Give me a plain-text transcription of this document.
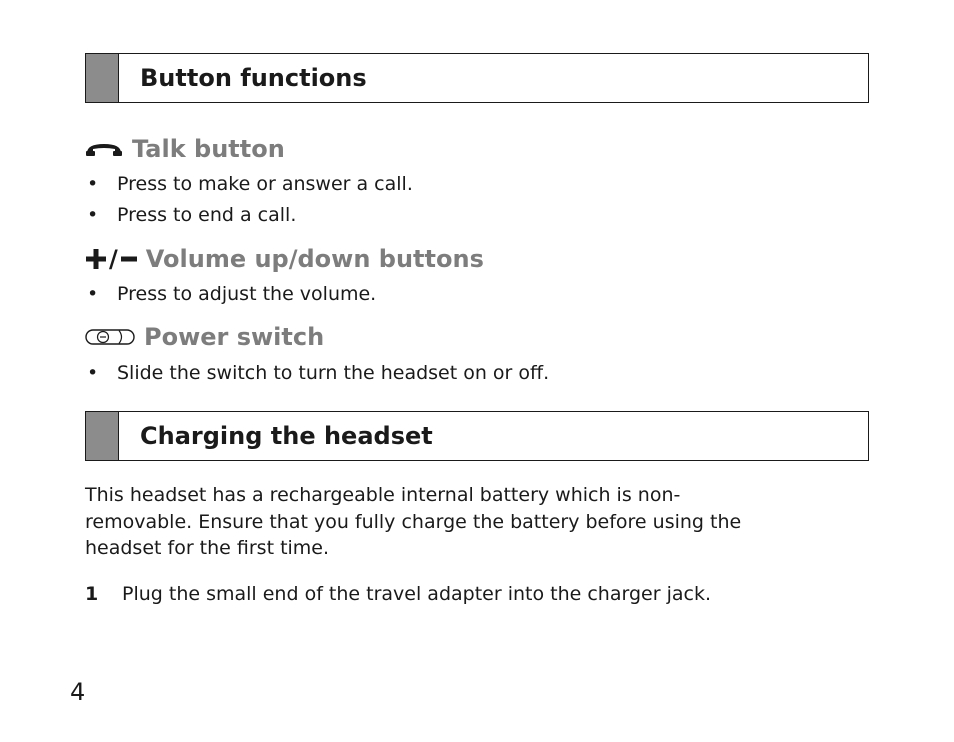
Button functions
Talk button
• Press to make or answer a call.
• Press to end a call.
/ Volume up/down buttons
• Press to adjust the volume.
Power switch
• Slide the switch to turn the headset on or off.
Charging the headset
This headset has a rechargeable internal battery which is non-
removable. Ensure that you fully charge the battery before using the
headset for the first time.
1	Plug the small end of the travel adapter into the charger jack.
4
